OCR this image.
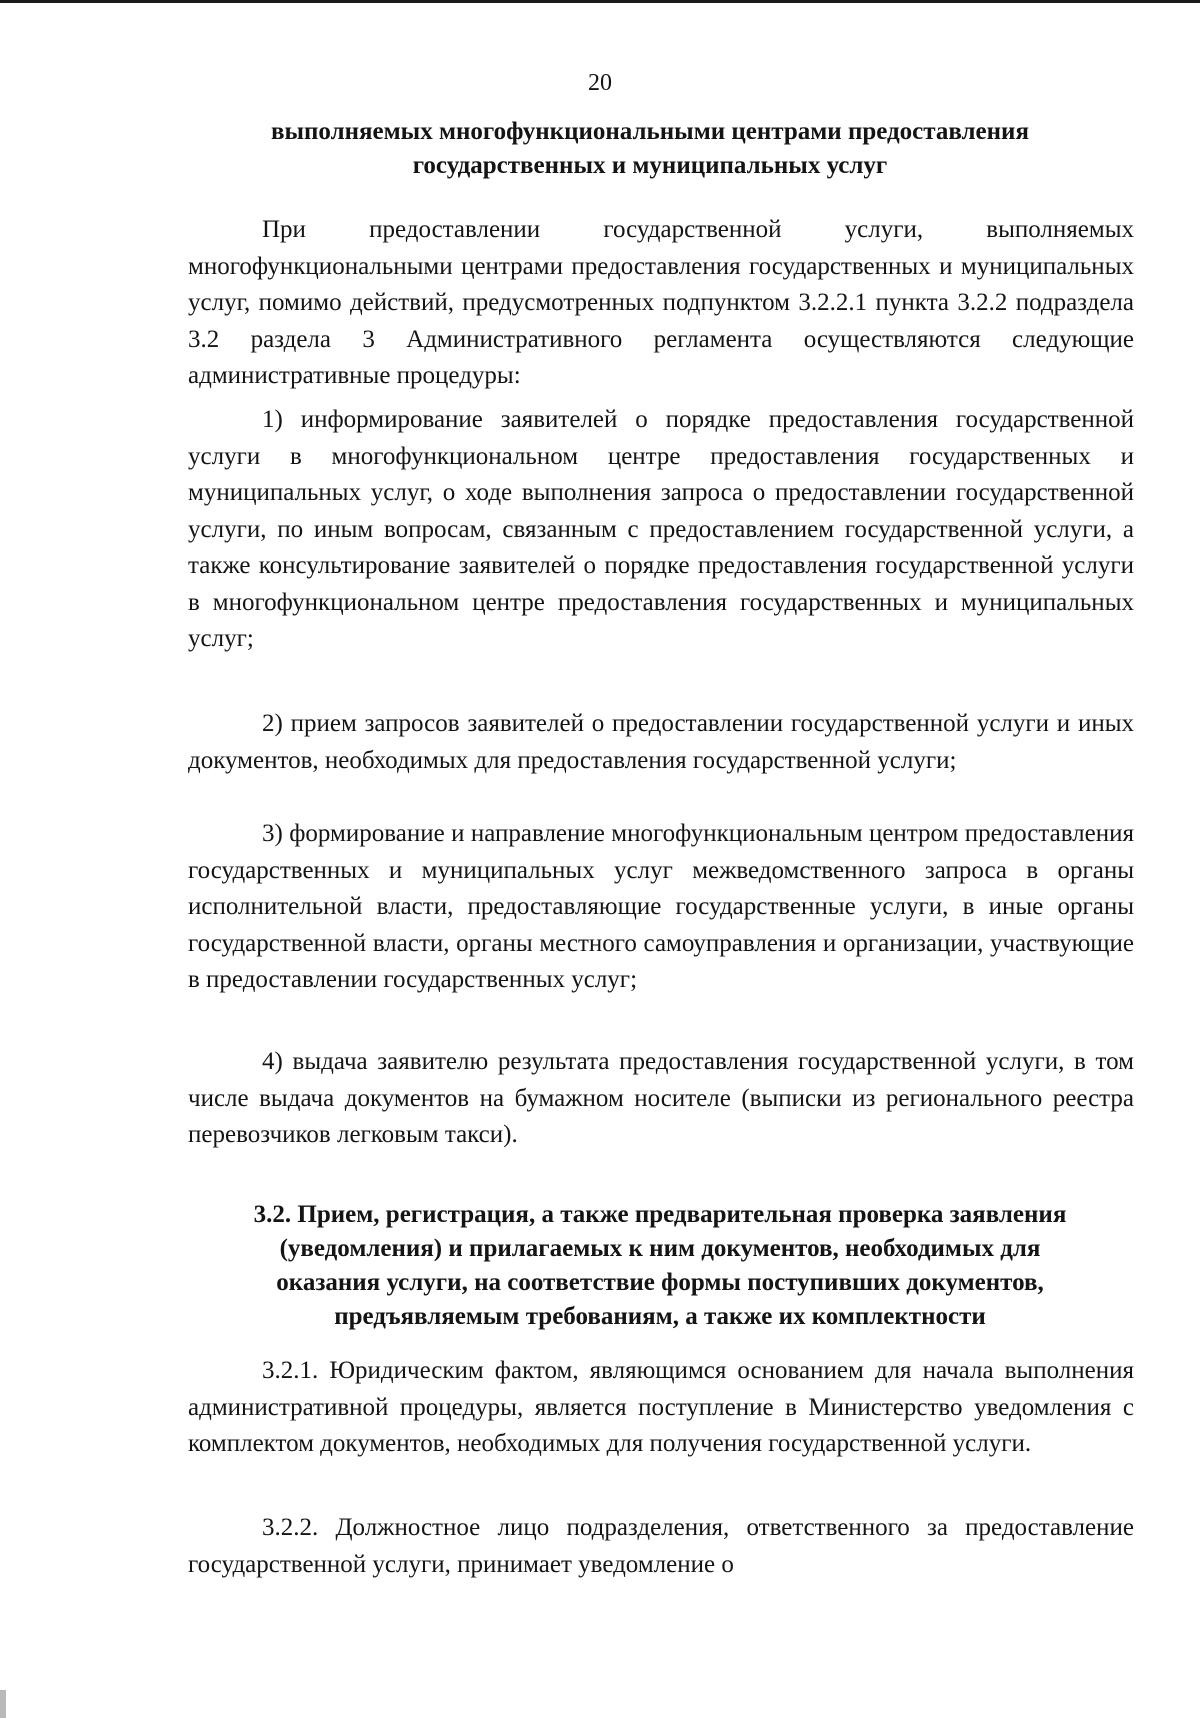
20
выполняемых многофункциональными центрами предоставления
государственных и муниципальных услуг

При предоставлении государственной услуги, выполняемых многофункциональными центрами предоставления государственных и муниципальных услуг, помимо действий, предусмотренных подпунктом 3.2.2.1 пункта 3.2.2 подраздела 3.2 раздела 3 Административного регламента осуществляются следующие административные процедуры:

1) информирование заявителей о порядке предоставления государственной услуги в многофункциональном центре предоставления государственных и муниципальных услуг, о ходе выполнения запроса о предоставлении государственной услуги, по иным вопросам, связанным с предоставлением государственной услуги, а также консультирование заявителей о порядке предоставления государственной услуги в многофункциональном центре предоставления государственных и муниципальных услуг;

2) прием запросов заявителей о предоставлении государственной услуги и иных документов, необходимых для предоставления государственной услуги;

3) формирование и направление многофункциональным центром предоставления государственных и муниципальных услуг межведомственного запроса в органы исполнительной власти, предоставляющие государственные услуги, в иные органы государственной власти, органы местного самоуправления и организации, участвующие в предоставлении государственных услуг;

4) выдача заявителю результата предоставления государственной услуги, в том числе выдача документов на бумажном носителе (выписки из регионального реестра перевозчиков легковым такси).

3.2. Прием, регистрация, а также предварительная проверка заявления
(уведомления) и прилагаемых к ним документов, необходимых для
оказания услуги, на соответствие формы поступивших документов,
предъявляемым требованиям, а также их комплектности

3.2.1. Юридическим фактом, являющимся основанием для начала выполнения административной процедуры, является поступление в Министерство уведомления с комплектом документов, необходимых для получения государственной услуги.

3.2.2. Должностное лицо подразделения, ответственного за предоставление государственной услуги, принимает уведомление о
